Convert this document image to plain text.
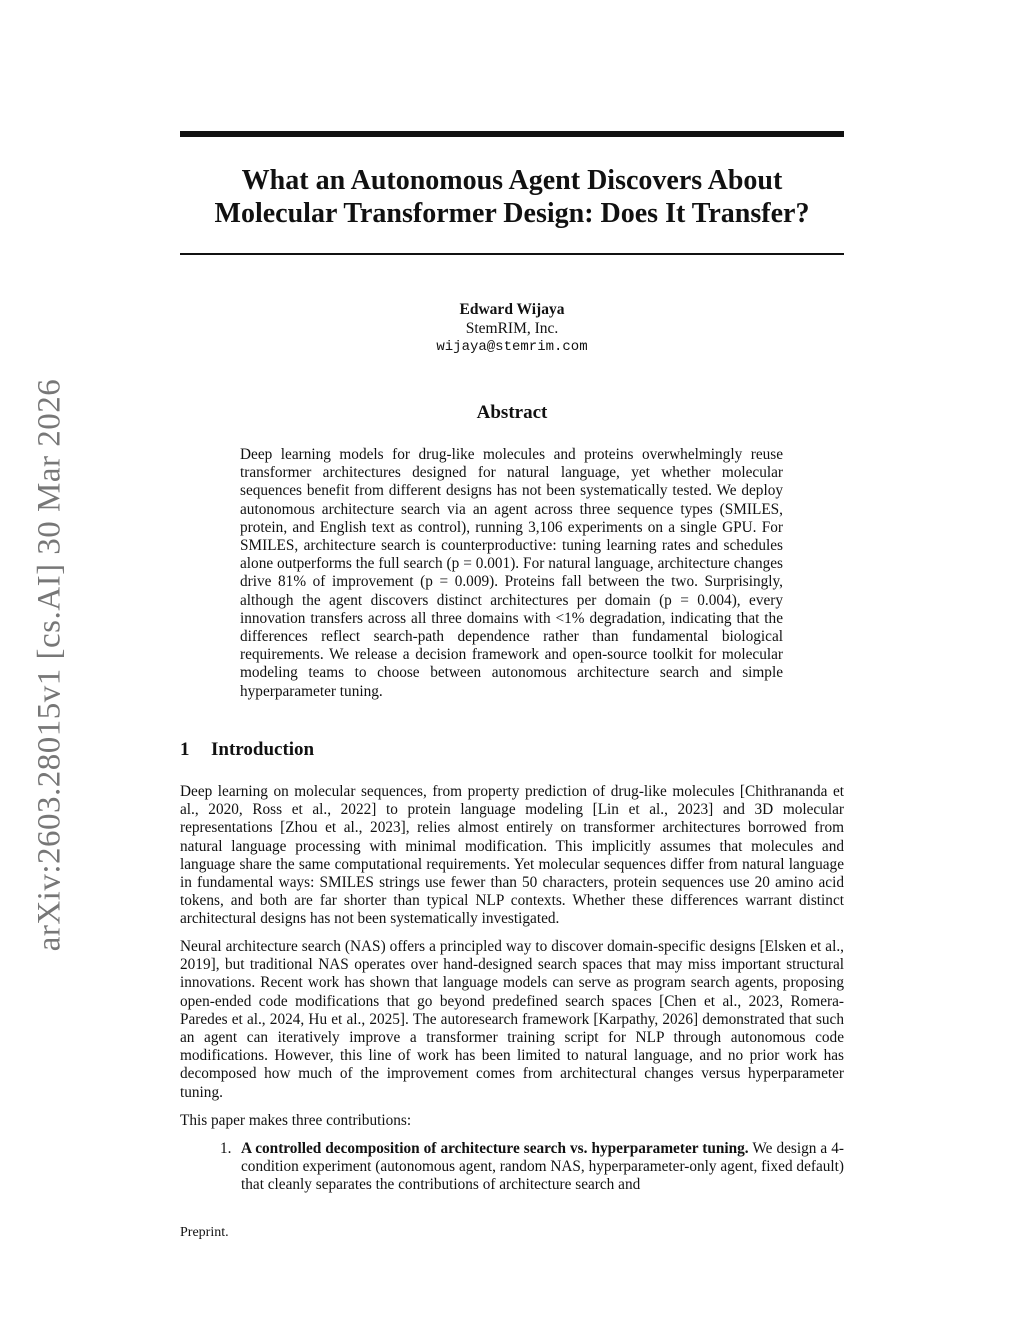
arXiv:2603.28015v1 [cs.AI] 30 Mar 2026
What an Autonomous Agent Discovers About
Molecular Transformer Design: Does It Transfer?
Edward Wijaya
StemRIM, Inc.
wijaya@stemrim.com
Abstract
Deep learning models for drug-like molecules and proteins overwhelmingly reuse transformer architectures designed for natural language, yet whether molecular sequences benefit from different designs has not been systematically tested. We deploy autonomous architecture search via an agent across three sequence types (SMILES, protein, and English text as control), running 3,106 experiments on a single GPU. For SMILES, architecture search is counterproductive: tuning learning rates and schedules alone outperforms the full search (p = 0.001). For natural language, architecture changes drive 81% of improvement (p = 0.009). Proteins fall between the two. Surprisingly, although the agent discovers distinct architectures per domain (p = 0.004), every innovation transfers across all three domains with <1% degradation, indicating that the differences reflect search-path dependence rather than fundamental biological requirements. We release a decision framework and open-source toolkit for molecular modeling teams to choose between autonomous architecture search and simple hyperparameter tuning.
1 Introduction
Deep learning on molecular sequences, from property prediction of drug-like molecules [Chithrananda et al., 2020, Ross et al., 2022] to protein language modeling [Lin et al., 2023] and 3D molecular representations [Zhou et al., 2023], relies almost entirely on transformer architectures borrowed from natural language processing with minimal modification. This implicitly assumes that molecules and language share the same computational requirements. Yet molecular sequences differ from natural language in fundamental ways: SMILES strings use fewer than 50 characters, protein sequences use 20 amino acid tokens, and both are far shorter than typical NLP contexts. Whether these differences warrant distinct architectural designs has not been systematically investigated.
Neural architecture search (NAS) offers a principled way to discover domain-specific designs [Elsken et al., 2019], but traditional NAS operates over hand-designed search spaces that may miss important structural innovations. Recent work has shown that language models can serve as program search agents, proposing open-ended code modifications that go beyond predefined search spaces [Chen et al., 2023, Romera-Paredes et al., 2024, Hu et al., 2025]. The autoresearch framework [Karpathy, 2026] demonstrated that such an agent can iteratively improve a transformer training script for NLP through autonomous code modifications. However, this line of work has been limited to natural language, and no prior work has decomposed how much of the improvement comes from architectural changes versus hyperparameter tuning.
This paper makes three contributions:
1. A controlled decomposition of architecture search vs. hyperparameter tuning. We design a 4-condition experiment (autonomous agent, random NAS, hyperparameter-only agent, fixed default) that cleanly separates the contributions of architecture search and
Preprint.
